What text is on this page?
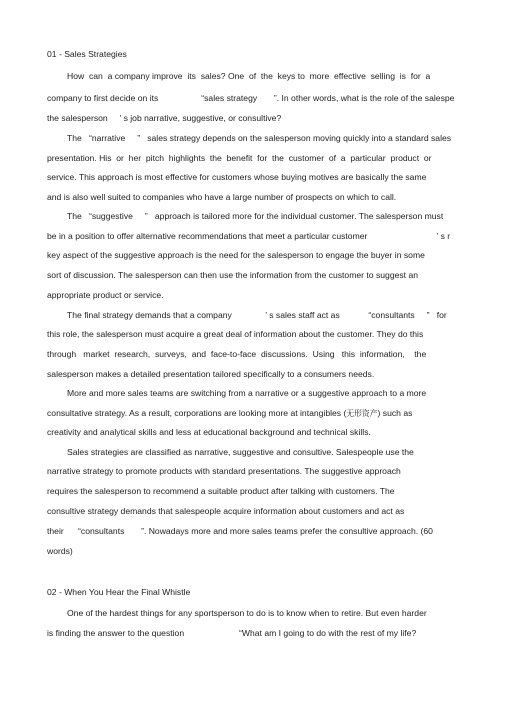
01 - Sales Strategies
How  can  a company improve  its  sales? One  of  the  keys to  more  effective  selling  is  for  a
company to first decide on its                  “sales strategy       ”. In other words, what is the role of the salespe
the salesperson     ’ s job narrative, suggestive, or consultive?
The   “narrative     ”   sales strategy depends on the salesperson moving quickly into a standard sales
presentation. His  or  her  pitch  highlights  the  benefit  for  the  customer  of  a  particular  product  or
service. This approach is most effective for customers whose buying motives are basically the same
and is also well suited to companies who have a large number of prospects on which to call.
The   “suggestive     ”   approach is tailored more for the individual customer. The salesperson must
be in a position to offer alternative recommendations that meet a particular customer                             ’ s r
key aspect of the suggestive approach is the need for the salesperson to engage the buyer in some
sort of discussion. The salesperson can then use the information from the customer to suggest an
appropriate product or service.
The final strategy demands that a company              ’ s sales staff act as            “consultants     ”   for
this role, the salesperson must acquire a great deal of information about the customer. They do this
through   market  research,  surveys,  and  face-to-face  discussions.  Using   this  information,    the
salesperson makes a detailed presentation tailored specifically to a consumers needs.
More and more sales teams are switching from a narrative or a suggestive approach to a more
consultative strategy. As a result, corporations are looking more at intangibles (无形资产) such as
creativity and analytical skills and less at educational background and technical skills.
Sales strategies are classified as narrative, suggestive and consultive. Salespeople use the
narrative strategy to promote products with standard presentations. The suggestive approach
requires the salesperson to recommend a suitable product after talking with customers. The
consultive strategy demands that salespeople acquire information about customers and act as
their      “consultants       ”. Nowadays more and more sales teams prefer the consultive approach. (60
words)
02 - When You Hear the Final Whistle
One of the hardest things for any sportsperson to do is to know when to retire. But even harder
is finding the answer to the question                       “What am I going to do with the rest of my life?
